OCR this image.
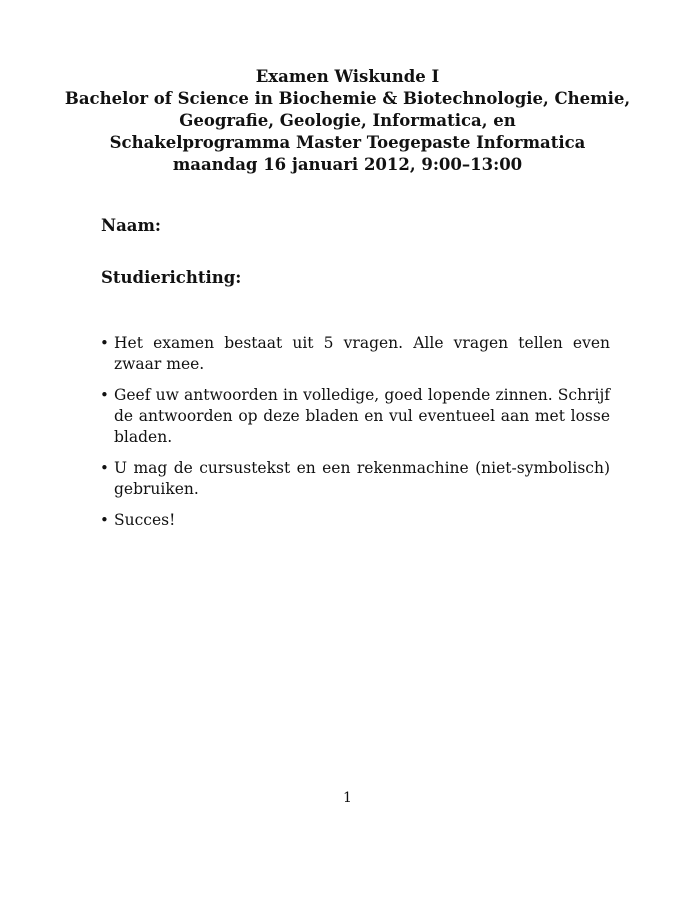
Examen Wiskunde I
Bachelor of Science in Biochemie & Biotechnologie, Chemie,
Geografie, Geologie, Informatica, en
Schakelprogramma Master Toegepaste Informatica
maandag 16 januari 2012, 9:00–13:00
Naam:
Studierichting:
• Het examen bestaat uit 5 vragen. Alle vragen tellen even zwaar mee.
• Geef uw antwoorden in volledige, goed lopende zinnen. Schrijf de antwoorden op deze bladen en vul eventueel aan met losse bladen.
• U mag de cursustekst en een rekenmachine (niet-symbolisch) gebruiken.
• Succes!
1
